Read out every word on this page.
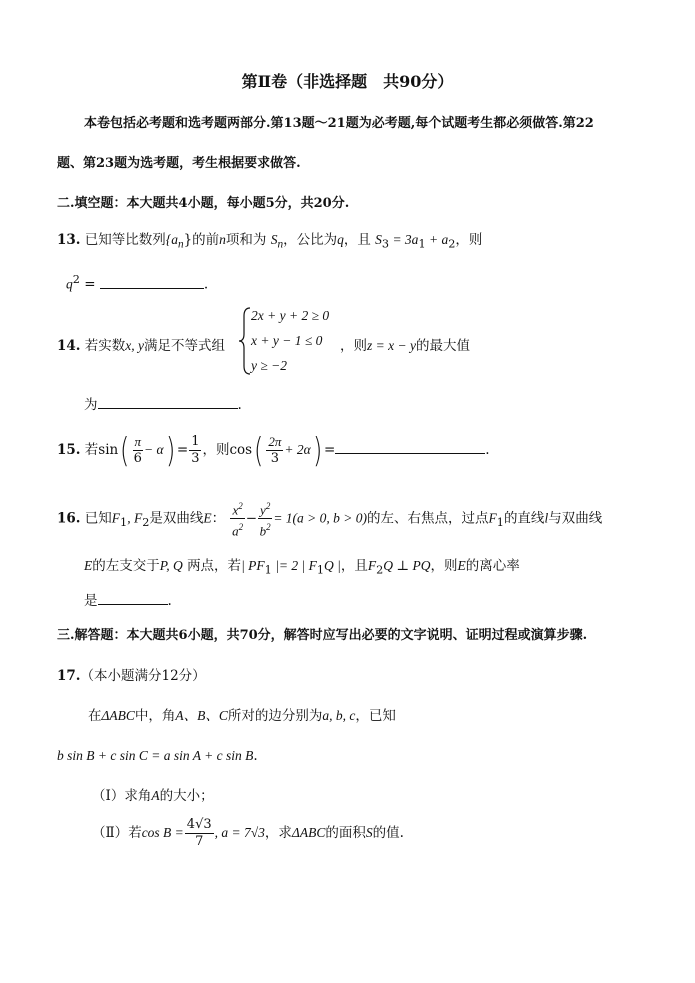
第Ⅱ卷（非选择题　共90分）
本卷包括必考题和选考题两部分.第13题～21题为必考题,每个试题考生都必须做答.第22
题、第23题为选考题，考生根据要求做答.
二.填空题：本大题共4小题，每小题5分，共20分.
13. 已知等比数列$\{a_n\}$的前n项和为 $S_n$，公比为q，且 $S_3 = 3a_1 + a_2$，则
$q^2$ =	.
14. 若实数x, y满足不等式组
2x + y + 2 ≥ 0
x + y − 1 ≤ 0
y ≥ −2
，则z = x − y的最大值
为	.
15. 若$\sin( \frac{\pi}{6} - \alpha) = \frac{1}{3}$ ，则$\cos( \frac{2\pi}{3} + 2\alpha)$ =	.
16. 已知$F_1$, $F_2$是双曲线E： $\frac{x^2}{a^2} - \frac{y^2}{b^2} = 1(a > 0$, b > 0)的左、右焦点，过点$F_1$的直线l与双曲线
E的左支交于P, Q 两点，若| $PF_1$ |= 2 | $F_1Q$ |，且$F_2Q$ ⊥ PQ，则E的离心率
是	.
三.解答题：本大题共6小题，共70分，解答时应写出必要的文字说明、证明过程或演算步骤.
17.（本小题满分12分）
在ΔABC中，角A、B、C所对的边分别为a, b, c，已知
b sin B + c sin C = a sin A + c sin B.
（Ⅰ）求角A的大小；
（Ⅱ）若$\cos B = \frac{4√3}{7}$ , a = 7√3，求ΔABC的面积S的值.
